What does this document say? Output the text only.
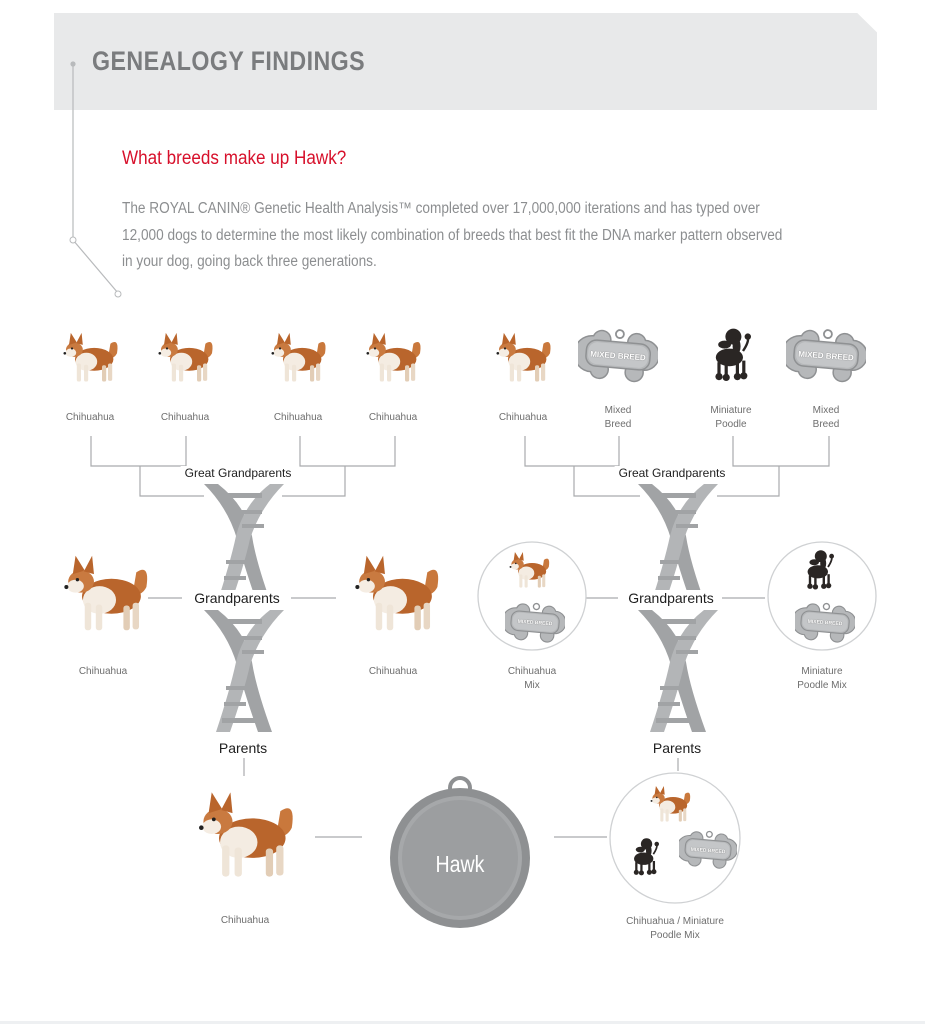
GENEALOGY FINDINGS
What breeds make up Hawk?
The ROYAL CANIN® Genetic Health Analysis™ completed over 17,000,000 iterations and has typed over 12,000 dogs to determine the most likely combination of breeds that best fit the DNA marker pattern observed in your dog, going back three generations.
MIXED BREED	MIXED BREED
MIXED BREED	MIXED BREED
MIXED BREED
Great Grandparents	Great Grandparents
Grandparents	Grandparents
Parents	Parents
Chihuahua	Chihuahua	Chihuahua	Chihuahua	Chihuahua
Mixed
Breed
Miniature
Poodle
Mixed
Breed
Chihuahua	Chihuahua	Chihuahua
Mix
Miniature
Poodle Mix
Chihuahua	Chihuahua / Miniature
Poodle Mix
Hawk
